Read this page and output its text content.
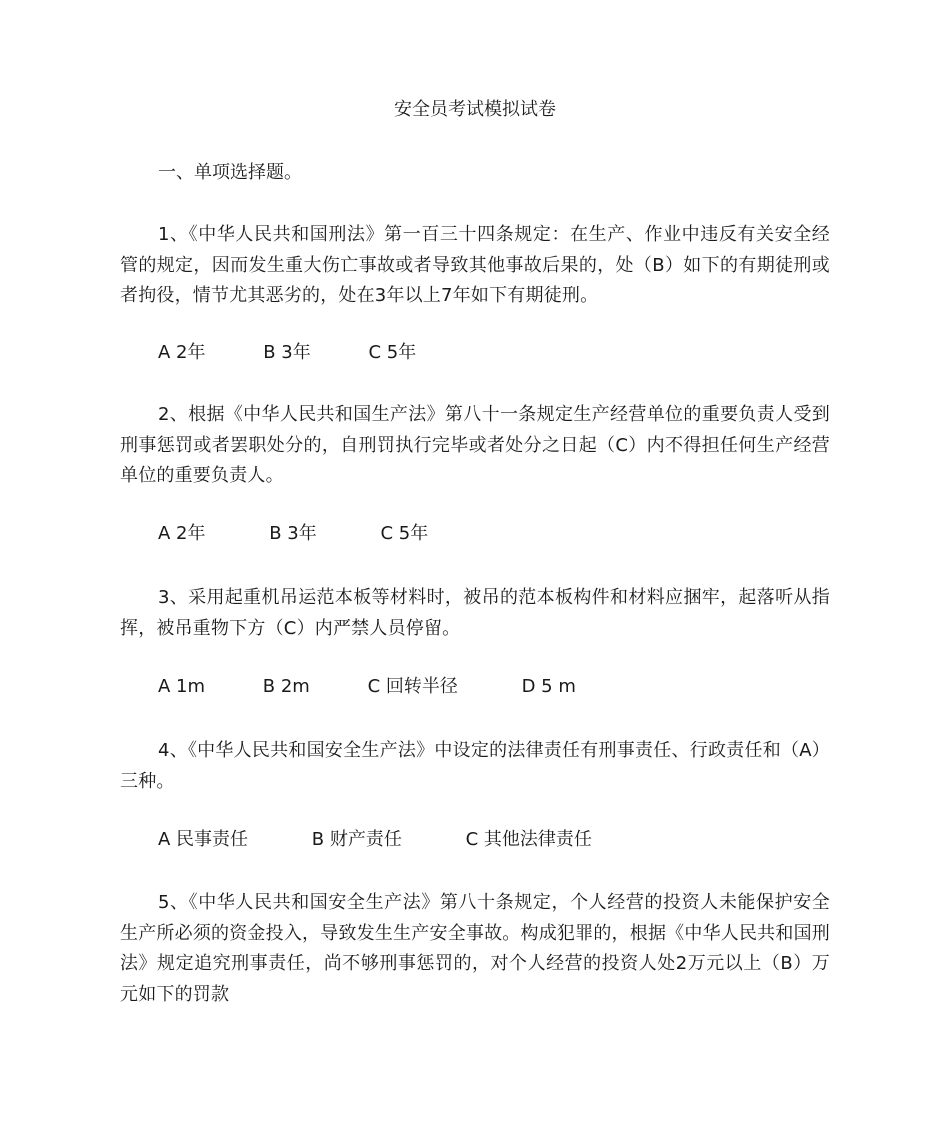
安全员考试模拟试卷
一、单项选择题。
1、《中华人民共和国刑法》第一百三十四条规定：在生产、作业中违反有关安全经管的规定，因而发生重大伤亡事故或者导致其他事故后果的，处（B）如下的有期徒刑或者拘役，情节尤其恶劣的，处在3年以上7年如下有期徒刑。
A 2年	B 3年	C 5年
2、根据《中华人民共和国生产法》第八十一条规定生产经营单位的重要负责人受到刑事惩罚或者罢职处分的，自刑罚执行完毕或者处分之日起（C）内不得担任何生产经营单位的重要负责人。
A 2年	B 3年	C 5年
3、采用起重机吊运范本板等材料时，被吊的范本板构件和材料应捆牢，起落听从指挥，被吊重物下方（C）内严禁人员停留。
A 1m	B 2m	C 回转半径	D 5 m
4、《中华人民共和国安全生产法》中设定的法律责任有刑事责任、行政责任和（A）三种。
A 民事责任	B 财产责任	C 其他法律责任
5、《中华人民共和国安全生产法》第八十条规定，个人经营的投资人未能保护安全生产所必须的资金投入，导致发生生产安全事故。构成犯罪的，根据《中华人民共和国刑法》规定追究刑事责任，尚不够刑事惩罚的，对个人经营的投资人处2万元以上（B）万元如下的罚款
